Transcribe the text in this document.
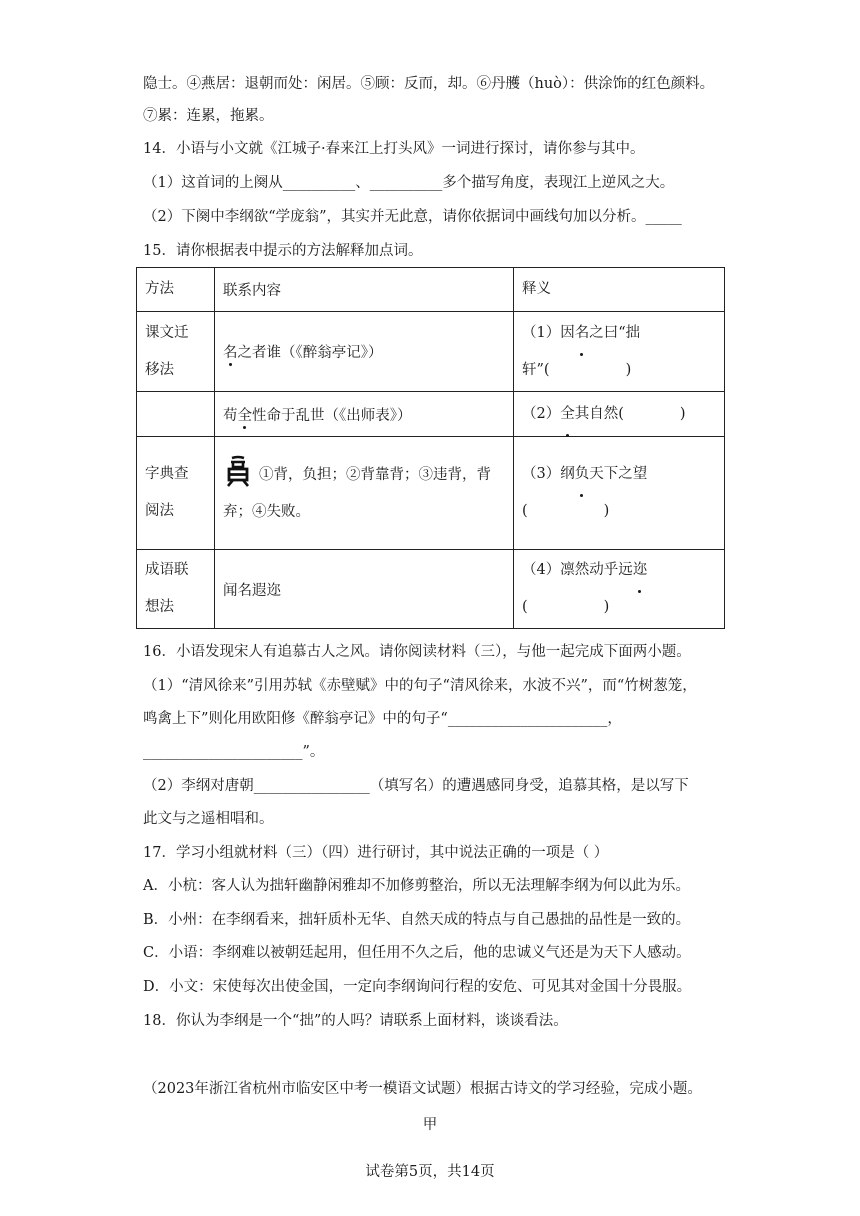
隐士。④燕居：退朝而处：闲居。⑤顾：反而，却。⑥丹雘（huò）：供涂饰的红色颜料。
⑦累：连累，拖累。
14．小语与小文就《江城子·春来江上打头风》一词进行探讨，请你参与其中。
（1）这首词的上阕从__________、__________多个描写角度，表现江上逆风之大。
（2）下阕中李纲欲“学庞翁”，其实并无此意，请你依据词中画线句加以分析。_____
15．请你根据表中提示的方法解释加点词。
方法	联系内容	释义
课文迁
移法	名之者谁（《醉翁亭记》）	（1）因名之曰“拙
轩”( )
	苟全性命于乱世（《出师表》）	（2）全其自然( )
字典查
阅法	①背，负担；②背靠背；③违背，背
弃；④失败。	（3）纲负天下之望
( )
成语联
想法	闻名遐迩	（4）凛然动乎远迩
( )
16．小语发现宋人有追慕古人之风。请你阅读材料（三），与他一起完成下面两小题。
（1）“清风徐来”引用苏轼《赤壁赋》中的句子“清风徐来，水波不兴”，而“竹树葱笼，
鸣禽上下”则化用欧阳修《醉翁亭记》中的句子“______________________，
______________________”。
（2）李纲对唐朝________________（填写名）的遭遇感同身受，追慕其格，是以写下
此文与之遥相唱和。
17．学习小组就材料（三）（四）进行研讨，其中说法正确的一项是（ ）
A．小杭：客人认为拙轩幽静闲雅却不加修剪整治，所以无法理解李纲为何以此为乐。
B．小州：在李纲看来，拙轩质朴无华、自然天成的特点与自己愚拙的品性是一致的。
C．小语：李纲难以被朝廷起用，但任用不久之后，他的忠诚义气还是为天下人感动。
D．小文：宋使每次出使金国，一定向李纲询问行程的安危、可见其对金国十分畏服。
18．你认为李纲是一个“拙”的人吗？请联系上面材料，谈谈看法。
（2023年浙江省杭州市临安区中考一模语文试题）根据古诗文的学习经验，完成小题。
甲
试卷第5页，共14页
